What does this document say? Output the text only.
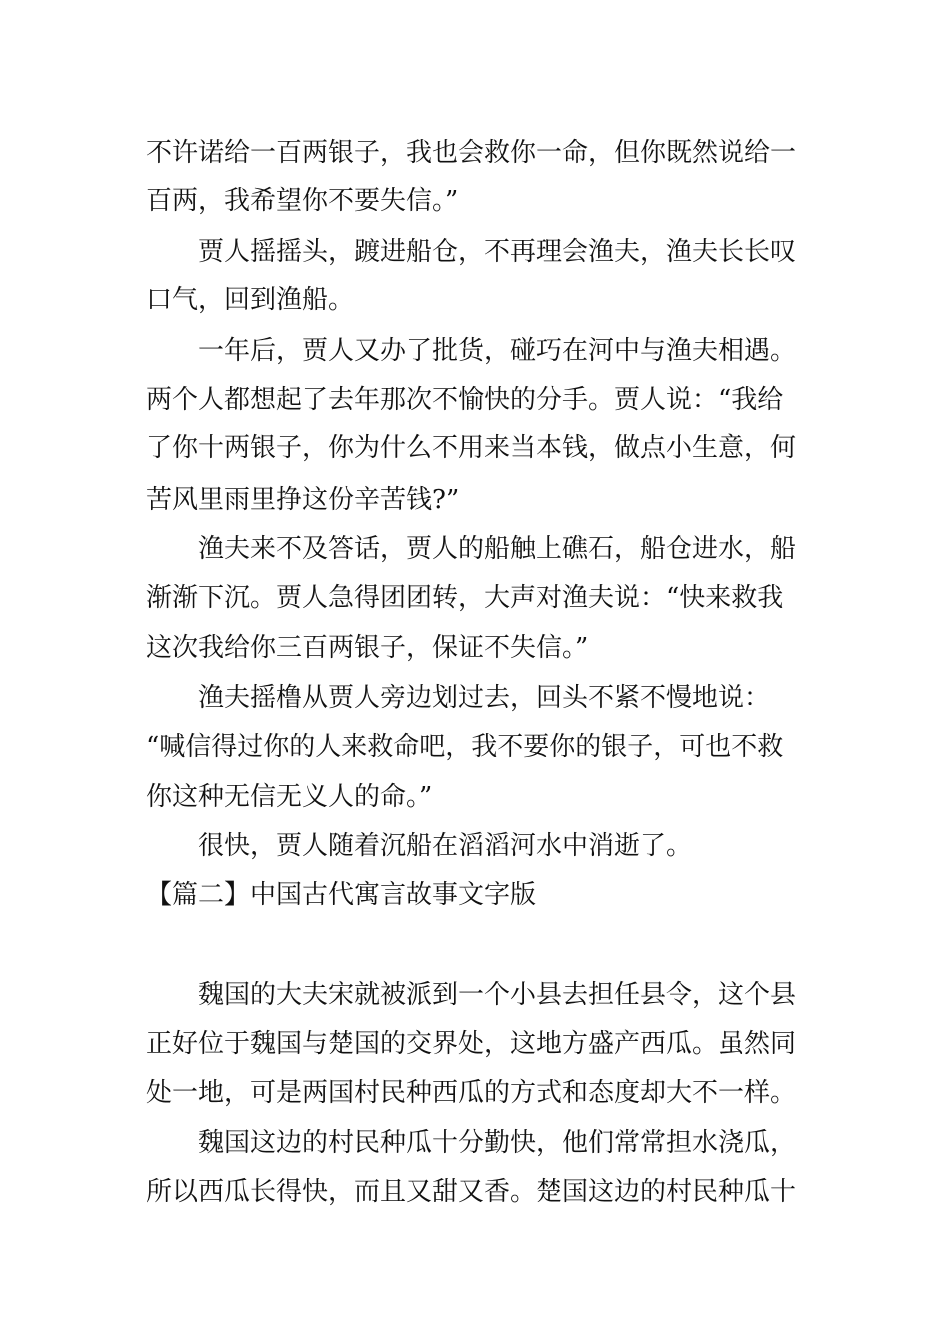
不许诺给一百两银子，我也会救你一命，但你既然说给一
百两，我希望你不要失信。”
贾人摇摇头，踱进船仓，不再理会渔夫，渔夫长长叹
口气，回到渔船。
一年后，贾人又办了批货，碰巧在河中与渔夫相遇。
两个人都想起了去年那次不愉快的分手。贾人说：“我给
了你十两银子，你为什么不用来当本钱，做点小生意，何
苦风里雨里挣这份辛苦钱?”
渔夫来不及答话，贾人的船触上礁石，船仓进水，船
渐渐下沉。贾人急得团团转，大声对渔夫说：“快来救我
这次我给你三百两银子，保证不失信。”
渔夫摇橹从贾人旁边划过去，回头不紧不慢地说：
“喊信得过你的人来救命吧，我不要你的银子，可也不救
你这种无信无义人的命。”
很快，贾人随着沉船在滔滔河水中消逝了。
【篇二】中国古代寓言故事文字版
魏国的大夫宋就被派到一个小县去担任县令，这个县
正好位于魏国与楚国的交界处，这地方盛产西瓜。虽然同
处一地，可是两国村民种西瓜的方式和态度却大不一样。
魏国这边的村民种瓜十分勤快，他们常常担水浇瓜，
所以西瓜长得快，而且又甜又香。楚国这边的村民种瓜十
